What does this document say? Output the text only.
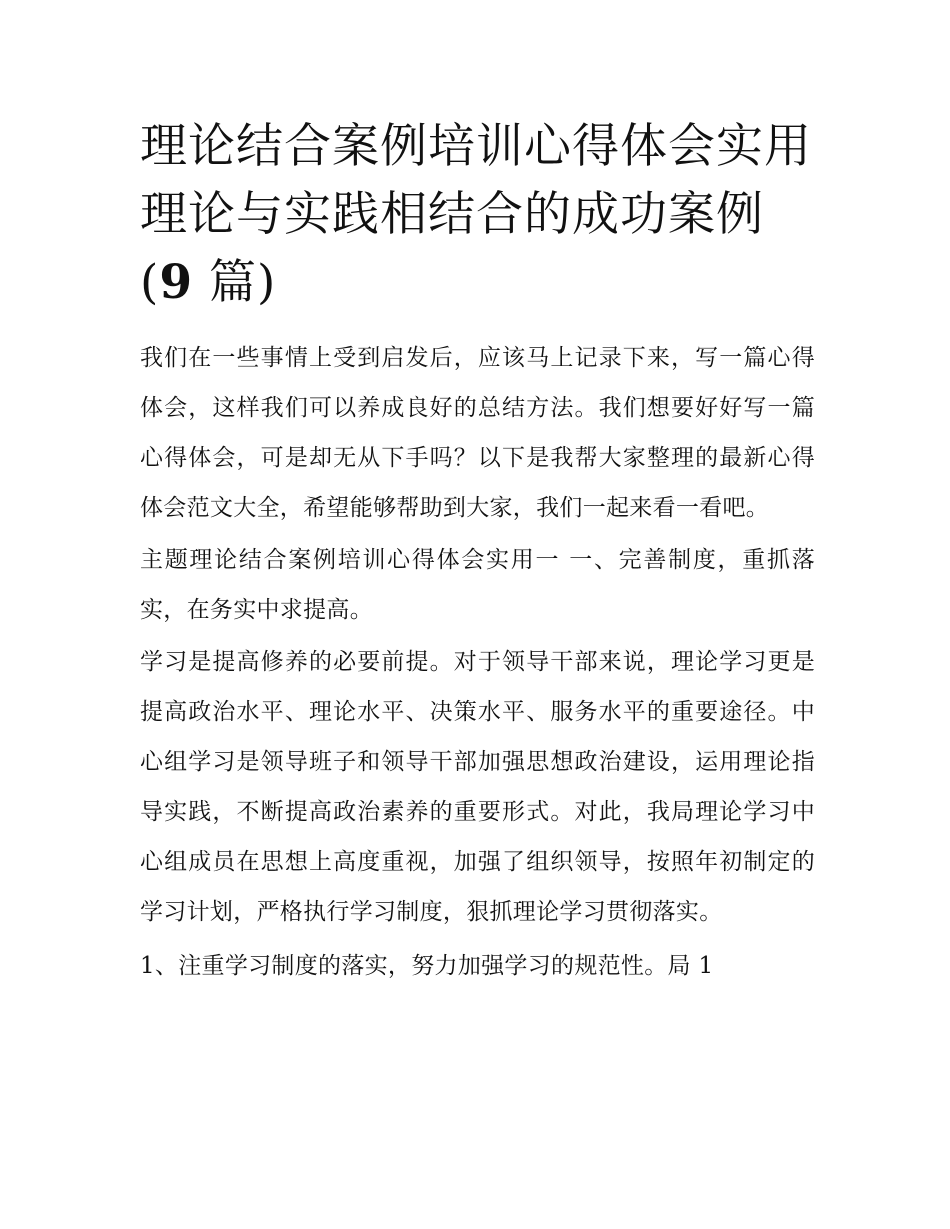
理论结合案例培训心得体会实用 理论与实践相结合的成功案例(9 篇)

我们在一些事情上受到启发后，应该马上记录下来，写一篇心得体会，这样我们可以养成良好的总结方法。我们想要好好写一篇心得体会，可是却无从下手吗？以下是我帮大家整理的最新心得体会范文大全，希望能够帮助到大家，我们一起来看一看吧。

主题理论结合案例培训心得体会实用一 一、完善制度，重抓落实，在务实中求提高。

学习是提高修养的必要前提。对于领导干部来说，理论学习更是提高政治水平、理论水平、决策水平、服务水平的重要途径。中心组学习是领导班子和领导干部加强思想政治建设，运用理论指导实践，不断提高政治素养的重要形式。对此，我局理论学习中心组成员在思想上高度重视，加强了组织领导，按照年初制定的学习计划，严格执行学习制度，狠抓理论学习贯彻落实。

1、注重学习制度的落实，努力加强学习的规范性。局 1
